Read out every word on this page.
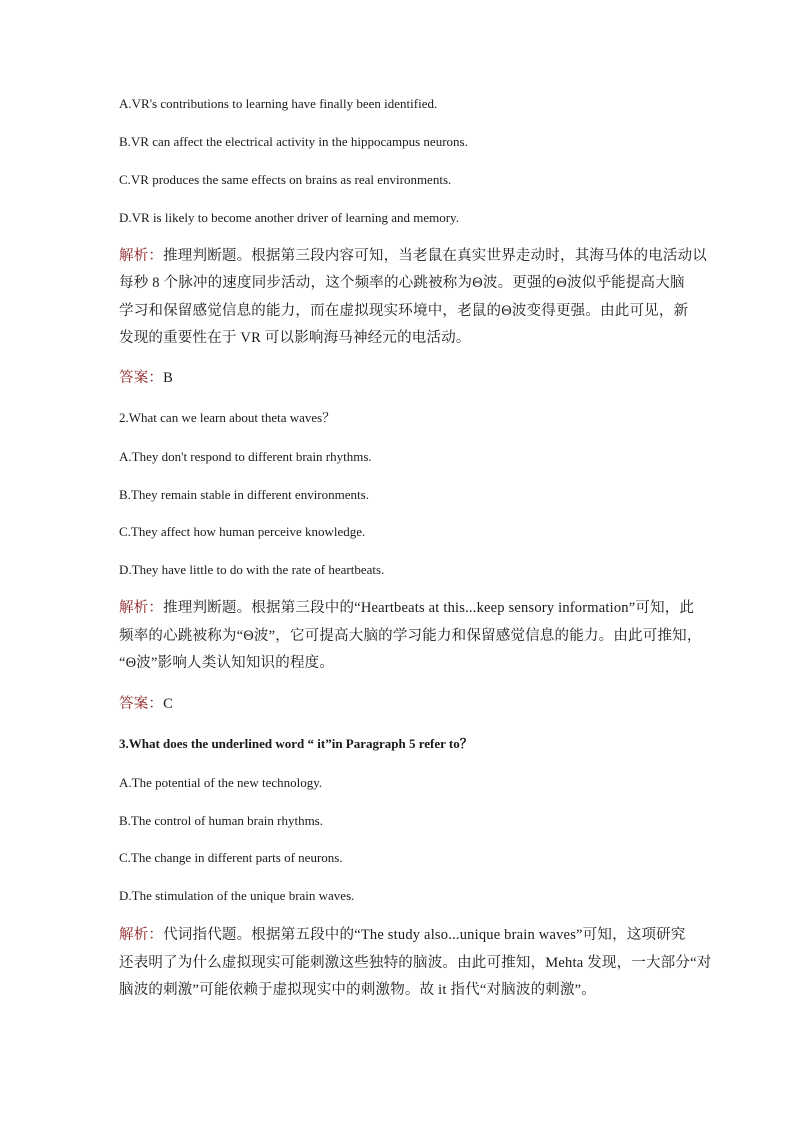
A.VR's contributions to learning have finally been identified.
B.VR can affect the electrical activity in the hippocampus neurons.
C.VR produces the same effects on brains as real environments.
D.VR is likely to become another driver of learning and memory.
解析：推理判断题。根据第三段内容可知，当老鼠在真实世界走动时，其海马体的电活动以
每秒 8 个脉冲的速度同步活动，这个频率的心跳被称为Θ波。更强的Θ波似乎能提高大脑
学习和保留感觉信息的能力，而在虚拟现实环境中，老鼠的Θ波变得更强。由此可见，新
发现的重要性在于 VR 可以影响海马神经元的电活动。
答案：B
2.What can we learn about theta waves？
A.They don't respond to different brain rhythms.
B.They remain stable in different environments.
C.They affect how human perceive knowledge.
D.They have little to do with the rate of heartbeats.
解析：推理判断题。根据第三段中的“Heartbeats at this...keep sensory information”可知，此
频率的心跳被称为“Θ波”，它可提高大脑的学习能力和保留感觉信息的能力。由此可推知，
“Θ波”影响人类认知知识的程度。
答案：C
3.What does the underlined word “ it”in Paragraph 5 refer to？
A.The potential of the new technology.
B.The control of human brain rhythms.
C.The change in different parts of neurons.
D.The stimulation of the unique brain waves.
解析：代词指代题。根据第五段中的“The study also...unique brain waves”可知，这项研究
还表明了为什么虚拟现实可能刺激这些独特的脑波。由此可推知，Mehta 发现，一大部分“对
脑波的刺激”可能依赖于虚拟现实中的刺激物。故 it 指代“对脑波的刺激”。
